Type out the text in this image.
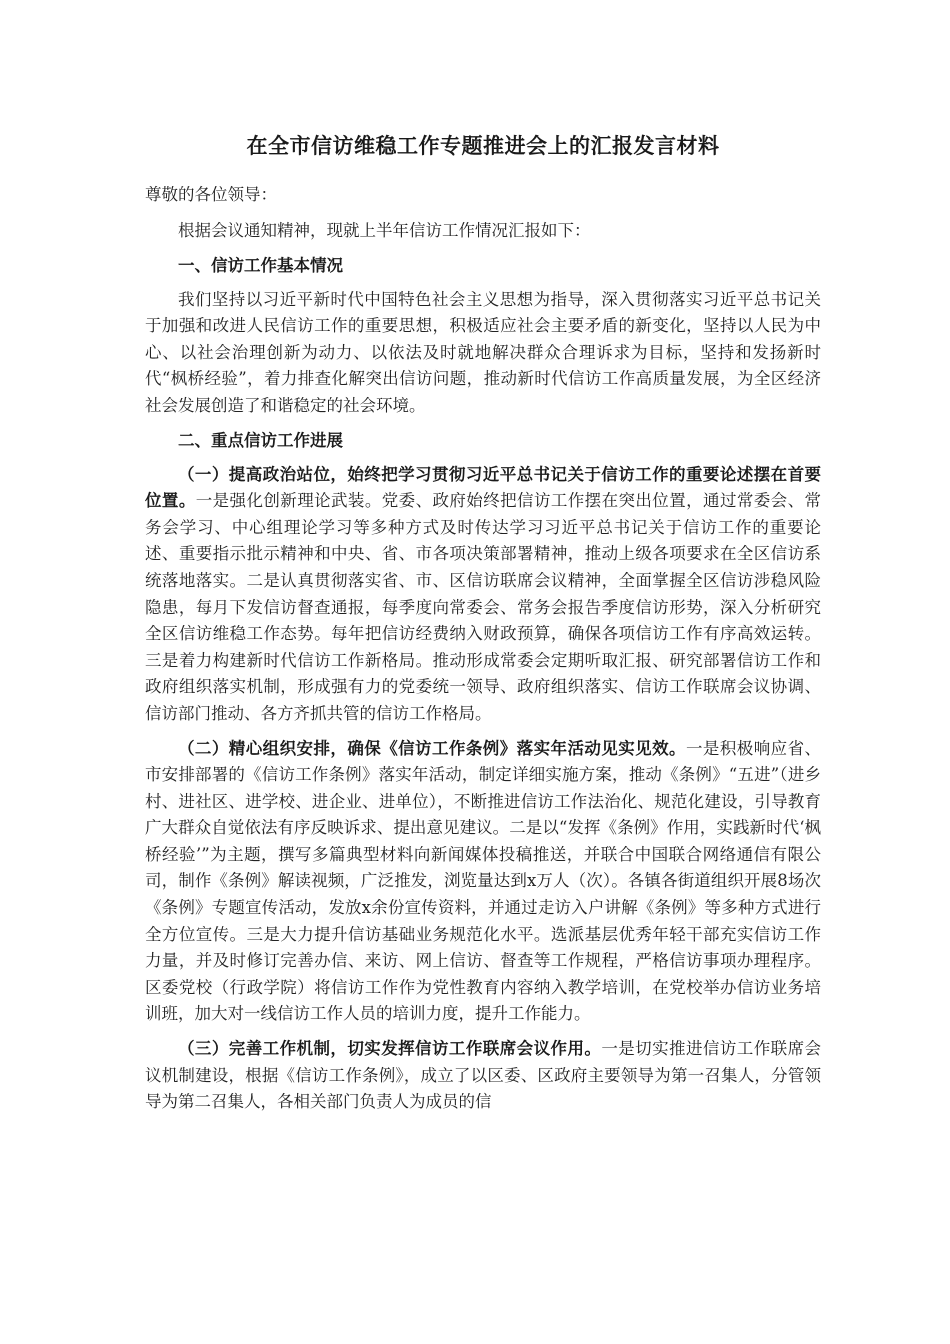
在全市信访维稳工作专题推进会上的汇报发言材料
尊敬的各位领导：

根据会议通知精神，现就上半年信访工作情况汇报如下：

一、信访工作基本情况

我们坚持以习近平新时代中国特色社会主义思想为指导，深入贯彻落实习近平总书记关于加强和改进人民信访工作的重要思想，积极适应社会主要矛盾的新变化，坚持以人民为中心、以社会治理创新为动力、以依法及时就地解决群众合理诉求为目标，坚持和发扬新时代“枫桥经验”，着力排查化解突出信访问题，推动新时代信访工作高质量发展，为全区经济社会发展创造了和谐稳定的社会环境。

二、重点信访工作进展

（一）提高政治站位，始终把学习贯彻习近平总书记关于信访工作的重要论述摆在首要位置。一是强化创新理论武装。党委、政府始终把信访工作摆在突出位置，通过常委会、常务会学习、中心组理论学习等多种方式及时传达学习习近平总书记关于信访工作的重要论述、重要指示批示精神和中央、省、市各项决策部署精神，推动上级各项要求在全区信访系统落地落实。二是认真贯彻落实省、市、区信访联席会议精神，全面掌握全区信访涉稳风险隐患，每月下发信访督查通报，每季度向常委会、常务会报告季度信访形势，深入分析研究全区信访维稳工作态势。每年把信访经费纳入财政预算，确保各项信访工作有序高效运转。三是着力构建新时代信访工作新格局。推动形成常委会定期听取汇报、研究部署信访工作和政府组织落实机制，形成强有力的党委统一领导、政府组织落实、信访工作联席会议协调、信访部门推动、各方齐抓共管的信访工作格局。

（二）精心组织安排，确保《信访工作条例》落实年活动见实见效。一是积极响应省、市安排部署的《信访工作条例》落实年活动，制定详细实施方案，推动《条例》“五进”（进乡村、进社区、进学校、进企业、进单位），不断推进信访工作法治化、规范化建设，引导教育广大群众自觉依法有序反映诉求、提出意见建议。二是以“发挥《条例》作用，实践新时代‘枫桥经验’”为主题，撰写多篇典型材料向新闻媒体投稿推送，并联合中国联合网络通信有限公司，制作《条例》解读视频，广泛推发，浏览量达到x万人（次）。各镇各街道组织开展8场次《条例》专题宣传活动，发放x余份宣传资料，并通过走访入户讲解《条例》等多种方式进行全方位宣传。三是大力提升信访基础业务规范化水平。选派基层优秀年轻干部充实信访工作力量，并及时修订完善办信、来访、网上信访、督查等工作规程，严格信访事项办理程序。区委党校（行政学院）将信访工作作为党性教育内容纳入教学培训，在党校举办信访业务培训班，加大对一线信访工作人员的培训力度，提升工作能力。

（三）完善工作机制，切实发挥信访工作联席会议作用。一是切实推进信访工作联席会议机制建设，根据《信访工作条例》，成立了以区委、区政府主要领导为第一召集人，分管领导为第二召集人，各相关部门负责人为成员的信
